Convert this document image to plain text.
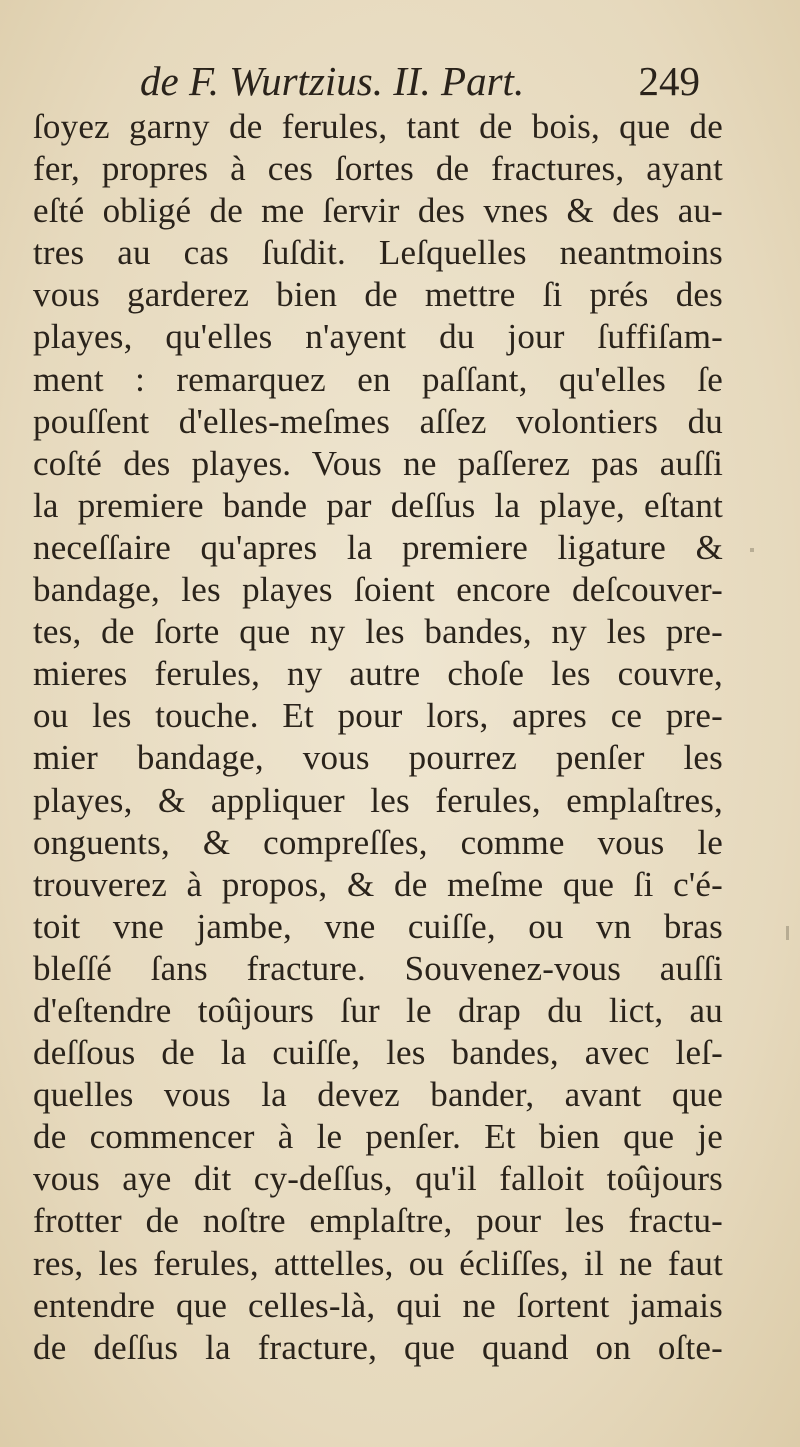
de F. Wurtzius. II. Part.	249
ſoyez garny de ferules, tant de bois, que de
fer, propres à ces ſortes de fractures, ayant
eſté obligé de me ſervir des vnes & des au-
tres au cas ſuſdit. Leſquelles neantmoins
vous garderez bien de mettre ſi prés des
playes, qu'elles n'ayent du jour ſuffiſam-
ment : remarquez en paſſant, qu'elles ſe
pouſſent d'elles-meſmes aſſez volontiers du
coſté des playes. Vous ne paſſerez pas auſſi
la premiere bande par deſſus la playe, eſtant
neceſſaire qu'apres la premiere ligature &
bandage, les playes ſoient encore deſcouver-
tes, de ſorte que ny les bandes, ny les pre-
mieres ferules, ny autre choſe les couvre,
ou les touche. Et pour lors, apres ce pre-
mier bandage, vous pourrez penſer les
playes, & appliquer les ferules, emplaſtres,
onguents, & compreſſes, comme vous le
trouverez à propos, & de meſme que ſi c'é-
toit vne jambe, vne cuiſſe, ou vn bras
bleſſé ſans fracture. Souvenez-vous auſſi
d'eſtendre toûjours ſur le drap du lict, au
deſſous de la cuiſſe, les bandes, avec leſ-
quelles vous la devez bander, avant que
de commencer à le penſer. Et bien que je
vous aye dit cy-deſſus, qu'il falloit toûjours
frotter de noſtre emplaſtre, pour les fractu-
res, les ferules, atttelles, ou écliſſes, il ne faut
entendre que celles-là, qui ne ſortent jamais
de deſſus la fracture, que quand on oſte-
